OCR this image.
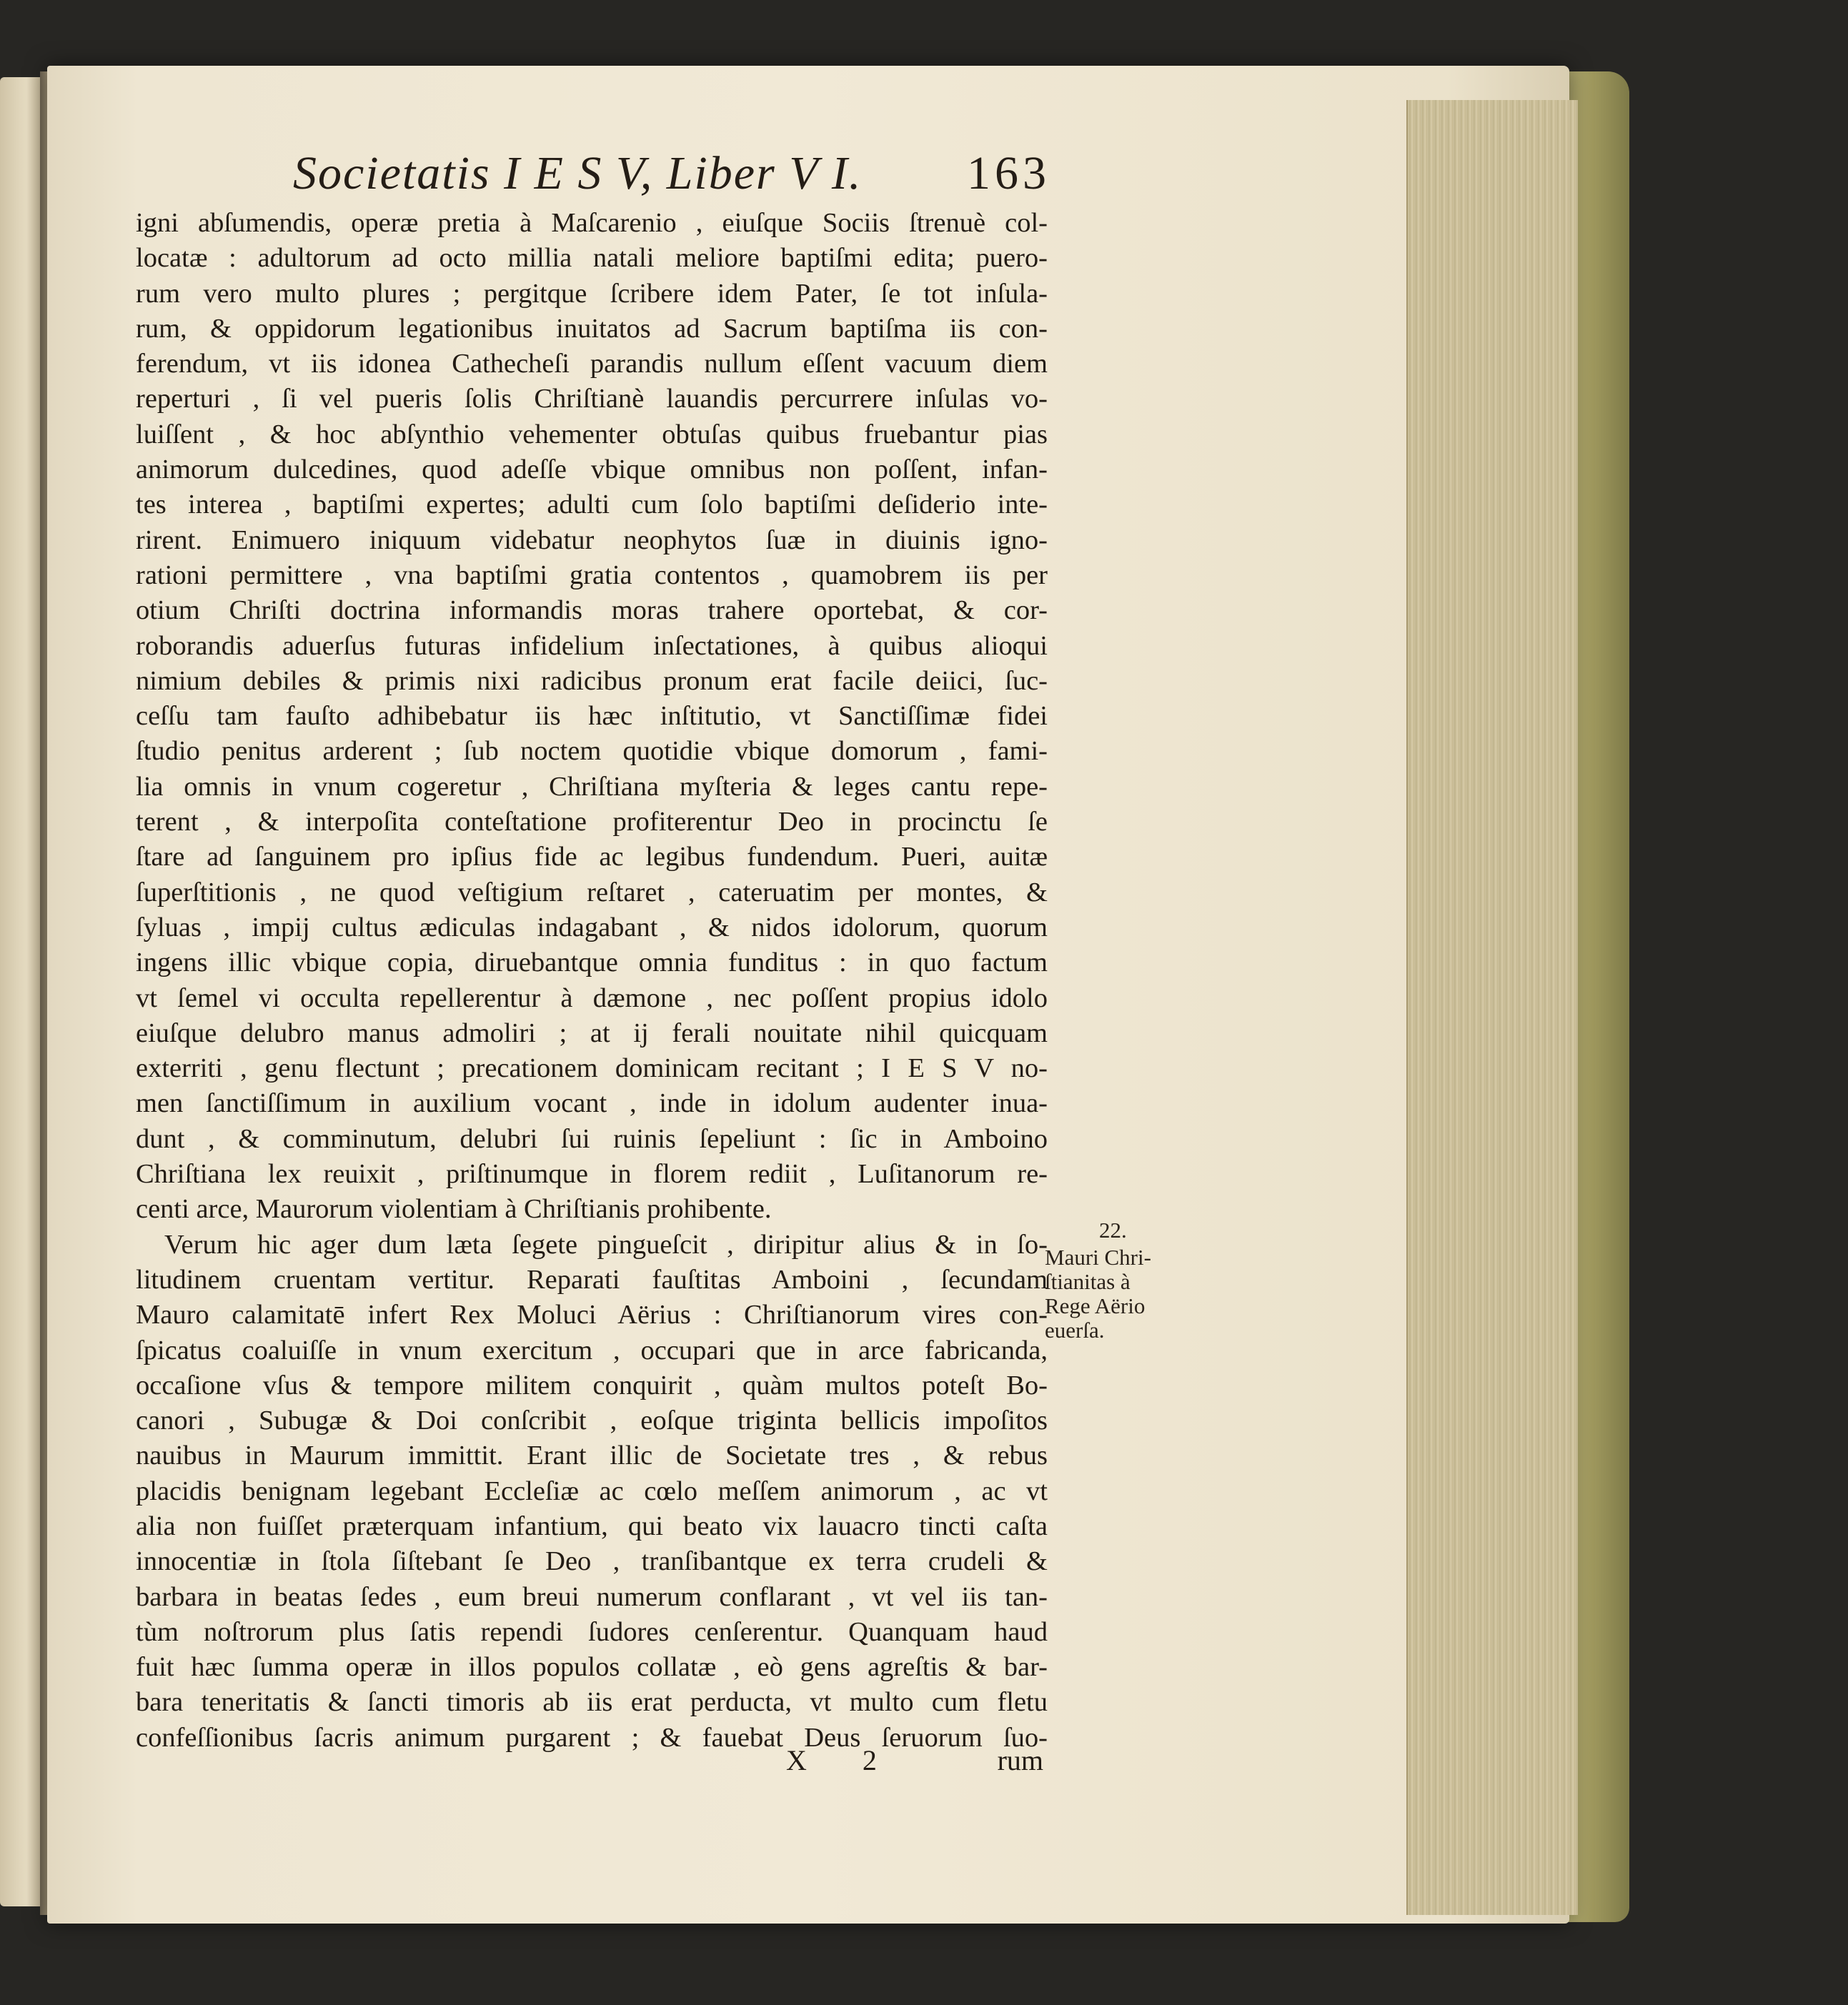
Societatis I E S V, Liber V I. 163
igni abſumendis, operæ pretia à Maſcarenio , eiuſque Sociis ſtrenuè col-
locatæ : adultorum ad octo millia natali meliore baptiſmi edita; puero-
rum vero multo plures ; pergitque ſcribere idem Pater, ſe tot inſula-
rum, & oppidorum legationibus inuitatos ad Sacrum baptiſma iis con-
ferendum, vt iis idonea Cathecheſi parandis nullum eſſent vacuum diem
reperturi , ſi vel pueris ſolis Chriſtianè lauandis percurrere inſulas vo-
luiſſent , & hoc abſynthio vehementer obtuſas quibus fruebantur pias
animorum dulcedines, quod adeſſe vbique omnibus non poſſent, infan-
tes interea , baptiſmi expertes; adulti cum ſolo baptiſmi deſiderio inte-
rirent. Enimuero iniquum videbatur neophytos ſuæ in diuinis igno-
rationi permittere , vna baptiſmi gratia contentos , quamobrem iis per
otium Chriſti doctrina informandis moras trahere oportebat, & cor-
roborandis aduerſus futuras infidelium inſectationes, à quibus alioqui
nimium debiles & primis nixi radicibus pronum erat facile deiici, ſuc-
ceſſu tam fauſto adhibebatur iis hæc inſtitutio, vt Sanctiſſimæ fidei
ſtudio penitus arderent ; ſub noctem quotidie vbique domorum , fami-
lia omnis in vnum cogeretur , Chriſtiana myſteria & leges cantu repe-
terent , & interpoſita conteſtatione profiterentur Deo in procinctu ſe
ſtare ad ſanguinem pro ipſius fide ac legibus fundendum. Pueri, auitæ
ſuperſtitionis , ne quod veſtigium reſtaret , cateruatim per montes, &
ſyluas , impij cultus ædiculas indagabant , & nidos idolorum, quorum
ingens illic vbique copia, diruebantque omnia funditus : in quo factum
vt ſemel vi occulta repellerentur à dæmone , nec poſſent propius idolo
eiuſque delubro manus admoliri ; at ij ferali nouitate nihil quicquam
exterriti , genu flectunt ; precationem dominicam recitant ; I E S V no-
men ſanctiſſimum in auxilium vocant , inde in idolum audenter inua-
dunt , & comminutum, delubri ſui ruinis ſepeliunt : ſic in Amboino
Chriſtiana lex reuixit , priſtinumque in florem rediit , Luſitanorum re-
centi arce, Maurorum violentiam à Chriſtianis prohibente.
Verum hic ager dum læta ſegete pingueſcit , diripitur alius & in ſo-
litudinem cruentam vertitur. Reparati fauſtitas Amboini , ſecundam
Mauro calamitatē infert Rex Moluci Aërius : Chriſtianorum vires con-
ſpicatus coaluiſſe in vnum exercitum , occupari que in arce fabricanda,
occaſione vſus & tempore militem conquirit , quàm multos poteſt Bo-
canori , Subugæ & Doi conſcribit , eoſque triginta bellicis impoſitos
nauibus in Maurum immittit. Erant illic de Societate tres , & rebus
placidis benignam legebant Eccleſiæ ac cœlo meſſem animorum , ac vt
alia non fuiſſet præterquam infantium, qui beato vix lauacro tincti caſta
innocentiæ in ſtola ſiſtebant ſe Deo , tranſibantque ex terra crudeli &
barbara in beatas ſedes , eum breui numerum conflarant , vt vel iis tan-
tùm noſtrorum plus ſatis rependi ſudores cenſerentur. Quanquam haud
fuit hæc ſumma operæ in illos populos collatæ , eò gens agreſtis & bar-
bara teneritatis & ſancti timoris ab iis erat perducta, vt multo cum fletu
confeſſionibus ſacris animum purgarent ; & fauebat Deus ſeruorum ſuo-
22.
Mauri Chri-
ſtianitas à
Rege Aërio
euerſa.
X 2	rum
